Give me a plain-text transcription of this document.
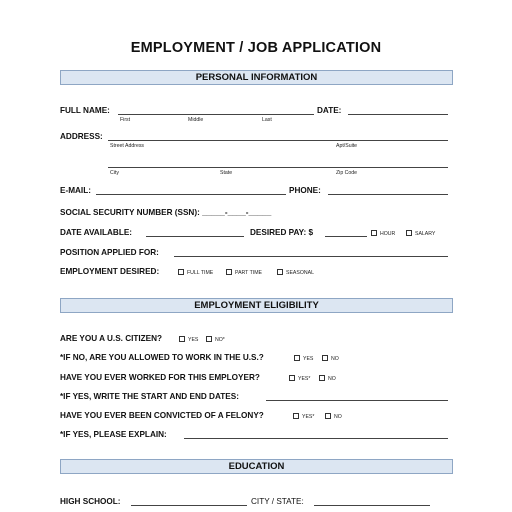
EMPLOYMENT / JOB APPLICATION
PERSONAL INFORMATION
FULL NAME:
First	Middle	Last
DATE:
ADDRESS:
Street Address	Apt/Suite
City	State	Zip Code
E-MAIL:	PHONE:
SOCIAL SECURITY NUMBER (SSN): _____-____-_____
DATE AVAILABLE:	DESIRED PAY: $	HOUR	SALARY
POSITION APPLIED FOR:
EMPLOYMENT DESIRED:	FULL TIME	PART TIME	SEASONAL
EMPLOYMENT ELIGIBILITY
ARE YOU A U.S. CITIZEN?	YES	NO*
*IF NO, ARE YOU ALLOWED TO WORK IN THE U.S.?	YES	NO
HAVE YOU EVER WORKED FOR THIS EMPLOYER?	YES*	NO
*IF YES, WRITE THE START AND END DATES:
HAVE YOU EVER BEEN CONVICTED OF A FELONY?	YES*	NO
*IF YES, PLEASE EXPLAIN:
EDUCATION
HIGH SCHOOL:	CITY / STATE:
